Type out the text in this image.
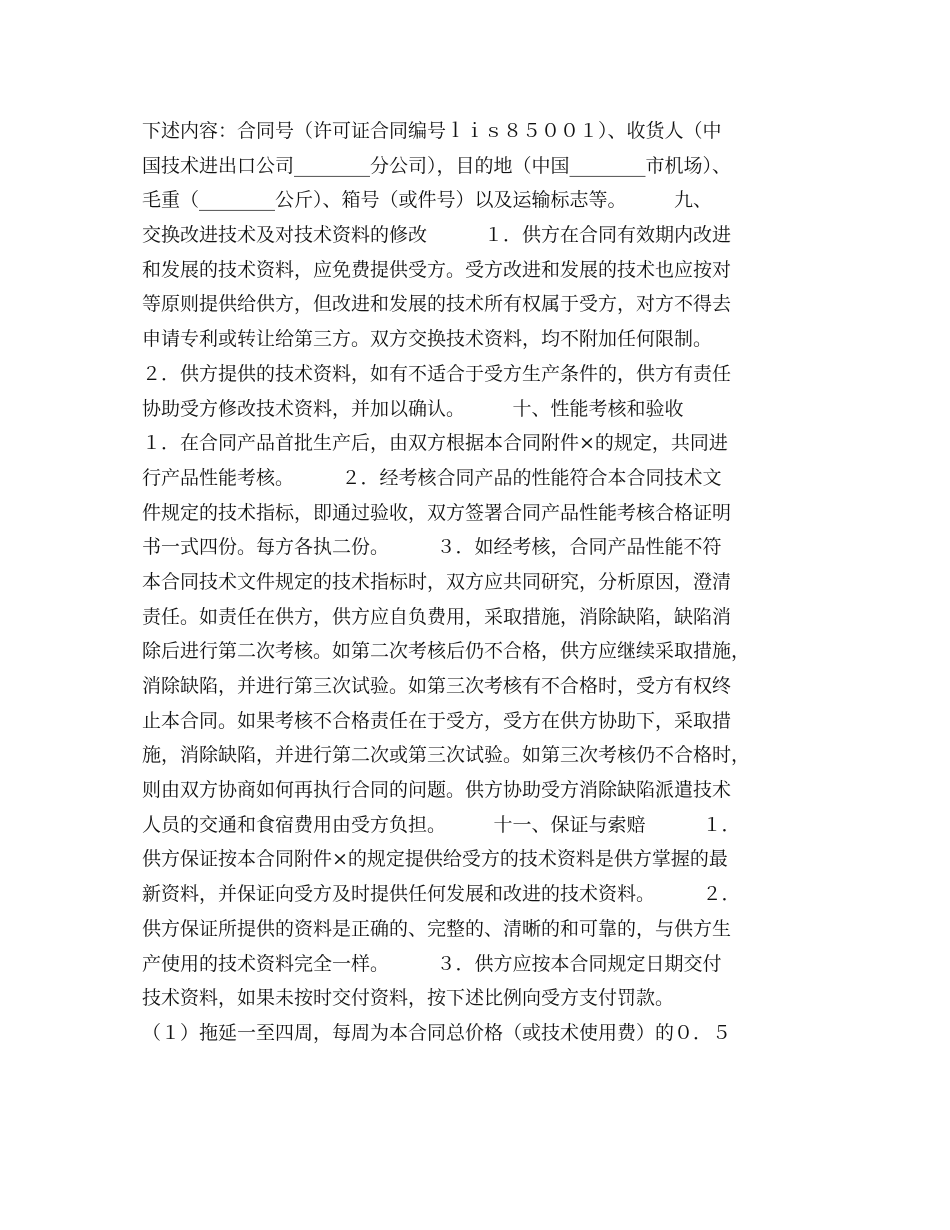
下述内容：合同号（许可证合同编号ｌｉｓ８５００１）、收货人（中
国技术进出口公司________分公司），目的地（中国________市机场）、
毛重（________公斤）、箱号（或件号）以及运输标志等。　　　九、
交换改进技术及对技术资料的修改　　　１．供方在合同有效期内改进
和发展的技术资料，应免费提供受方。受方改进和发展的技术也应按对
等原则提供给供方，但改进和发展的技术所有权属于受方，对方不得去
申请专利或转让给第三方。双方交换技术资料，均不附加任何限制。
２．供方提供的技术资料，如有不适合于受方生产条件的，供方有责任
协助受方修改技术资料，并加以确认。　　　十、性能考核和验收
１．在合同产品首批生产后，由双方根据本合同附件×的规定，共同进
行产品性能考核。　　　２．经考核合同产品的性能符合本合同技术文
件规定的技术指标，即通过验收，双方签署合同产品性能考核合格证明
书一式四份。每方各执二份。　　　３．如经考核，合同产品性能不符
本合同技术文件规定的技术指标时，双方应共同研究，分析原因，澄清
责任。如责任在供方，供方应自负费用，采取措施，消除缺陷，缺陷消
除后进行第二次考核。如第二次考核后仍不合格，供方应继续采取措施，
消除缺陷，并进行第三次试验。如第三次考核有不合格时，受方有权终
止本合同。如果考核不合格责任在于受方，受方在供方协助下，采取措
施，消除缺陷，并进行第二次或第三次试验。如第三次考核仍不合格时，
则由双方协商如何再执行合同的问题。供方协助受方消除缺陷派遣技术
人员的交通和食宿费用由受方负担。　　　十一、保证与索赔　　　１．
供方保证按本合同附件×的规定提供给受方的技术资料是供方掌握的最
新资料，并保证向受方及时提供任何发展和改进的技术资料。　　　２．
供方保证所提供的资料是正确的、完整的、清晰的和可靠的，与供方生
产使用的技术资料完全一样。　　　３．供方应按本合同规定日期交付
技术资料，如果未按时交付资料，按下述比例向受方支付罚款。
（１）拖延一至四周，每周为本合同总价格（或技术使用费）的０．５
